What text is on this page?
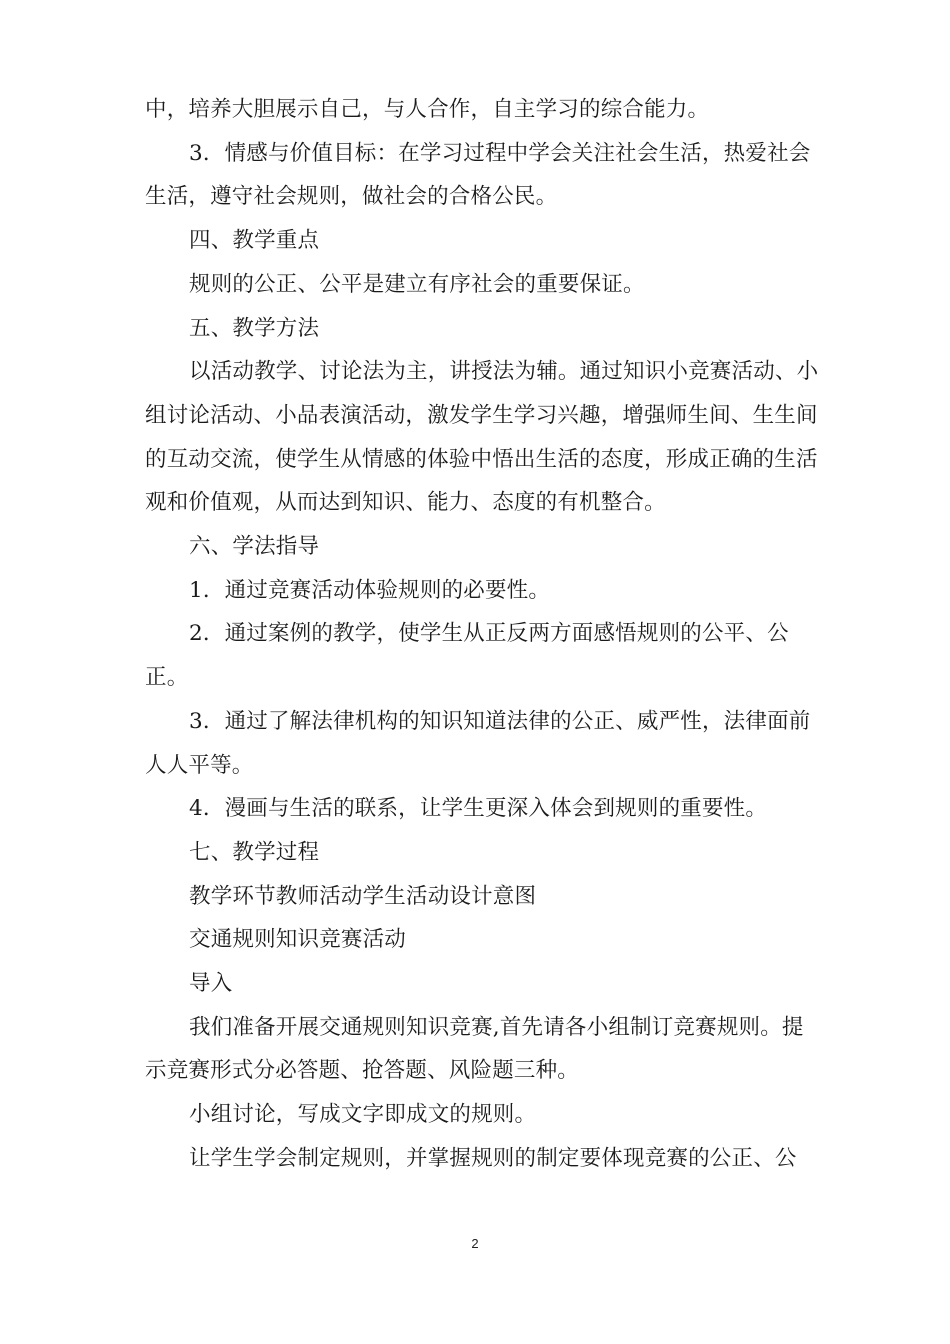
中，培养大胆展示自己，与人合作，自主学习的综合能力。

3．情感与价值目标：在学习过程中学会关注社会生活，热爱社会生活，遵守社会规则，做社会的合格公民。

四、教学重点

规则的公正、公平是建立有序社会的重要保证。

五、教学方法

以活动教学、讨论法为主，讲授法为辅。通过知识小竞赛活动、小组讨论活动、小品表演活动，激发学生学习兴趣，增强师生间、生生间的互动交流，使学生从情感的体验中悟出生活的态度，形成正确的生活观和价值观，从而达到知识、能力、态度的有机整合。

六、学法指导

1．通过竞赛活动体验规则的必要性。

2．通过案例的教学，使学生从正反两方面感悟规则的公平、公正。

3．通过了解法律机构的知识知道法律的公正、威严性，法律面前人人平等。

4．漫画与生活的联系，让学生更深入体会到规则的重要性。

七、教学过程

教学环节教师活动学生活动设计意图

交通规则知识竞赛活动

导入

我们准备开展交通规则知识竞赛,首先请各小组制订竞赛规则。提示竞赛形式分必答题、抢答题、风险题三种。

小组讨论，写成文字即成文的规则。

让学生学会制定规则，并掌握规则的制定要体现竞赛的公正、公

2
